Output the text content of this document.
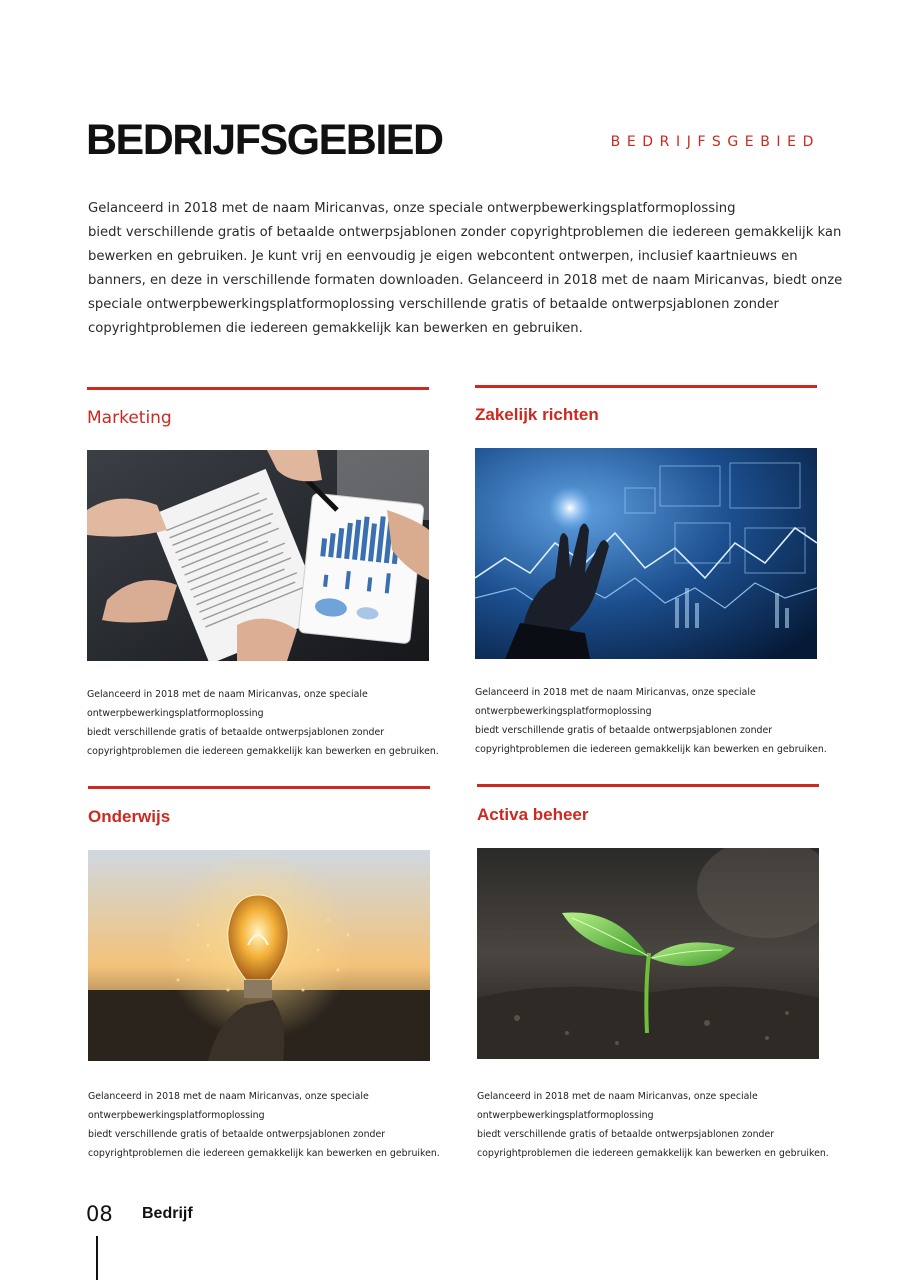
BEDRIJFSGEBIED	BEDRIJFSGEBIED

Gelanceerd in 2018 met de naam Miricanvas, onze speciale ontwerpbewerkingsplatformoplossing
biedt verschillende gratis of betaalde ontwerpsjablonen zonder copyrightproblemen die iedereen gemakkelijk kan
bewerken en gebruiken. Je kunt vrij en eenvoudig je eigen webcontent ontwerpen, inclusief kaartnieuws en
banners, en deze in verschillende formaten downloaden. Gelanceerd in 2018 met de naam Miricanvas, biedt onze
speciale ontwerpbewerkingsplatformoplossing verschillende gratis of betaalde ontwerpsjablonen zonder
copyrightproblemen die iedereen gemakkelijk kan bewerken en gebruiken.

Marketing

Gelanceerd in 2018 met de naam Miricanvas, onze speciale
ontwerpbewerkingsplatformoplossing
biedt verschillende gratis of betaalde ontwerpsjablonen zonder
copyrightproblemen die iedereen gemakkelijk kan bewerken en gebruiken.

Zakelijk richten

Gelanceerd in 2018 met de naam Miricanvas, onze speciale
ontwerpbewerkingsplatformoplossing
biedt verschillende gratis of betaalde ontwerpsjablonen zonder
copyrightproblemen die iedereen gemakkelijk kan bewerken en gebruiken.

Onderwijs

Gelanceerd in 2018 met de naam Miricanvas, onze speciale
ontwerpbewerkingsplatformoplossing
biedt verschillende gratis of betaalde ontwerpsjablonen zonder
copyrightproblemen die iedereen gemakkelijk kan bewerken en gebruiken.

Activa beheer

Gelanceerd in 2018 met de naam Miricanvas, onze speciale
ontwerpbewerkingsplatformoplossing
biedt verschillende gratis of betaalde ontwerpsjablonen zonder
copyrightproblemen die iedereen gemakkelijk kan bewerken en gebruiken.

08 Bedrijf
